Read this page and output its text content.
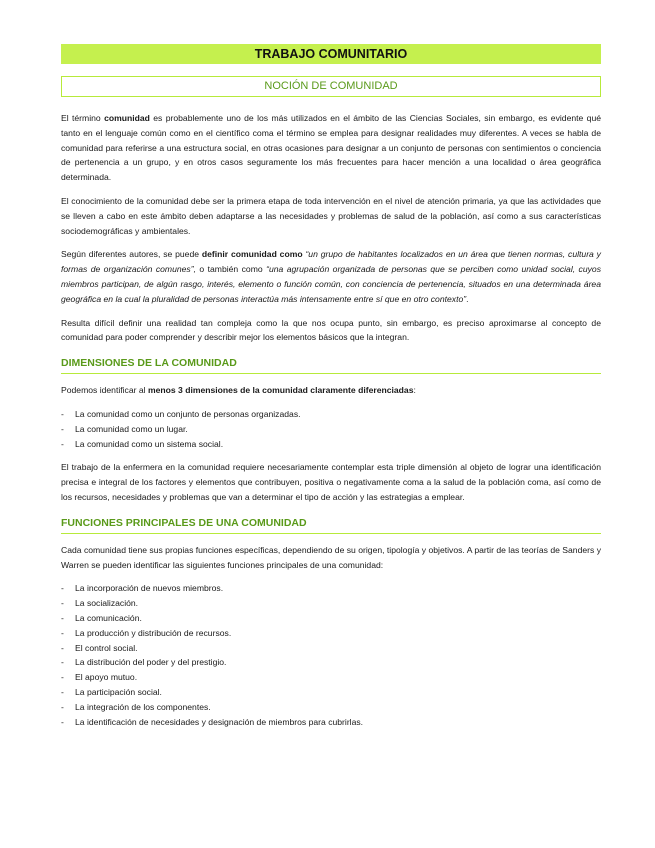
TRABAJO COMUNITARIO
NOCIÓN DE COMUNIDAD

El término comunidad es probablemente uno de los más utilizados en el ámbito de las Ciencias Sociales, sin embargo, es evidente qué tanto en el lenguaje común como en el científico coma el término se emplea para designar realidades muy diferentes. A veces se habla de comunidad para referirse a una estructura social, en otras ocasiones para designar a un conjunto de personas con sentimientos o conciencia de pertenencia a un grupo, y en otros casos seguramente los más frecuentes para hacer mención a una localidad o área geográfica determinada.

El conocimiento de la comunidad debe ser la primera etapa de toda intervención en el nivel de atención primaria, ya que las actividades que se lleven a cabo en este ámbito deben adaptarse a las necesidades y problemas de salud de la población, así como a sus características sociodemográficas y ambientales.

Según diferentes autores, se puede definir comunidad como “un grupo de habitantes localizados en un área que tienen normas, cultura y formas de organización comunes”, o también como “una agrupación organizada de personas que se perciben como unidad social, cuyos miembros participan, de algún rasgo, interés, elemento o función común, con conciencia de pertenencia, situados en una determinada área geográfica en la cual la pluralidad de personas interactúa más intensamente entre sí que en otro contexto”.

Resulta difícil definir una realidad tan compleja como la que nos ocupa punto, sin embargo, es preciso aproximarse al concepto de comunidad para poder comprender y describir mejor los elementos básicos que la integran.

DIMENSIONES DE LA COMUNIDAD

Podemos identificar al menos 3 dimensiones de la comunidad claramente diferenciadas:

- La comunidad como un conjunto de personas organizadas.
- La comunidad como un lugar.
- La comunidad como un sistema social.

El trabajo de la enfermera en la comunidad requiere necesariamente contemplar esta triple dimensión al objeto de lograr una identificación precisa e integral de los factores y elementos que contribuyen, positiva o negativamente coma a la salud de la población coma, así como de los recursos, necesidades y problemas que van a determinar el tipo de acción y las estrategias a emplear.

FUNCIONES PRINCIPALES DE UNA COMUNIDAD

Cada comunidad tiene sus propias funciones específicas, dependiendo de su origen, tipología y objetivos. A partir de las teorías de Sanders y Warren se pueden identificar las siguientes funciones principales de una comunidad:

- La incorporación de nuevos miembros.
- La socialización.
- La comunicación.
- La producción y distribución de recursos.
- El control social.
- La distribución del poder y del prestigio.
- El apoyo mutuo.
- La participación social.
- La integración de los componentes.
- La identificación de necesidades y designación de miembros para cubrirlas.
